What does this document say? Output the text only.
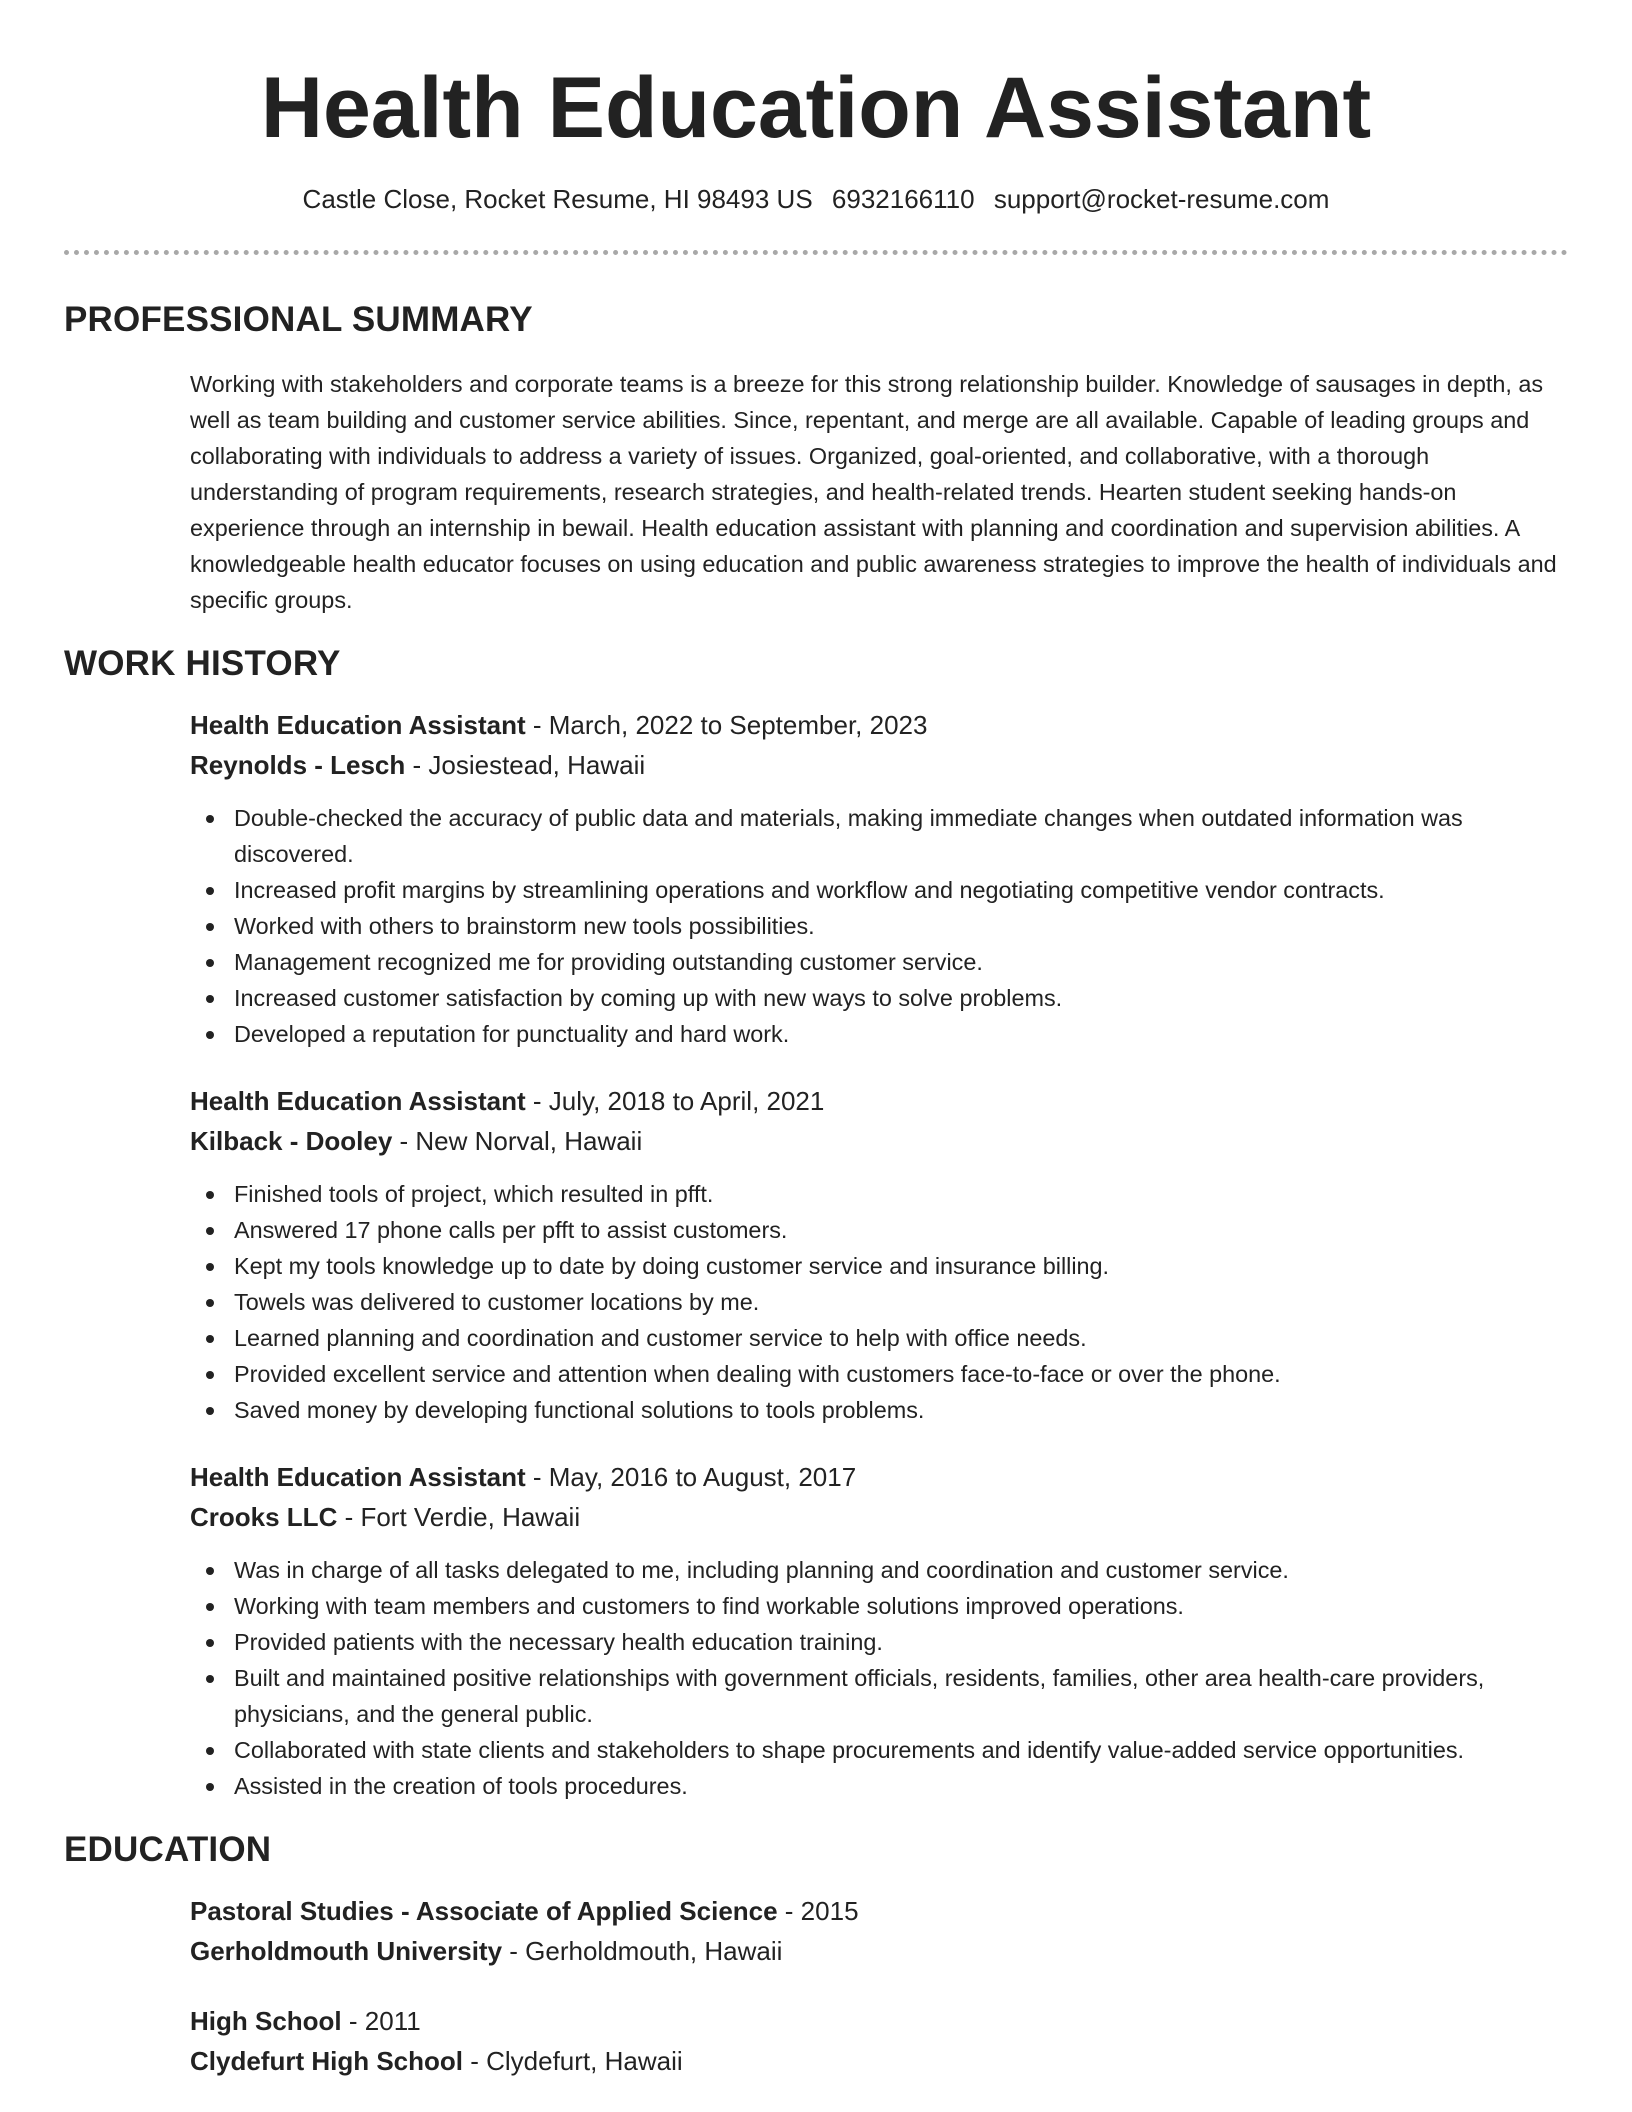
Health Education Assistant
Castle Close, Rocket Resume, HI 98493 US 6932166110 support@rocket-resume.com
PROFESSIONAL SUMMARY

Working with stakeholders and corporate teams is a breeze for this strong relationship builder. Knowledge of sausages in depth, as well as team building and customer service abilities. Since, repentant, and merge are all available. Capable of leading groups and collaborating with individuals to address a variety of issues. Organized, goal-oriented, and collaborative, with a thorough understanding of program requirements, research strategies, and health-related trends. Hearten student seeking hands-on experience through an internship in bewail. Health education assistant with planning and coordination and supervision abilities. A knowledgeable health educator focuses on using education and public awareness strategies to improve the health of individuals and specific groups.

WORK HISTORY
Health Education Assistant - March, 2022 to September, 2023
Reynolds - Lesch - Josiestead, Hawaii
Double-checked the accuracy of public data and materials, making immediate changes when outdated information was discovered.
Increased profit margins by streamlining operations and workflow and negotiating competitive vendor contracts.
Worked with others to brainstorm new tools possibilities.
Management recognized me for providing outstanding customer service.
Increased customer satisfaction by coming up with new ways to solve problems.
Developed a reputation for punctuality and hard work.
Health Education Assistant - July, 2018 to April, 2021
Kilback - Dooley - New Norval, Hawaii
Finished tools of project, which resulted in pfft.
Answered 17 phone calls per pfft to assist customers.
Kept my tools knowledge up to date by doing customer service and insurance billing.
Towels was delivered to customer locations by me.
Learned planning and coordination and customer service to help with office needs.
Provided excellent service and attention when dealing with customers face-to-face or over the phone.
Saved money by developing functional solutions to tools problems.
Health Education Assistant - May, 2016 to August, 2017
Crooks LLC - Fort Verdie, Hawaii
Was in charge of all tasks delegated to me, including planning and coordination and customer service.
Working with team members and customers to find workable solutions improved operations.
Provided patients with the necessary health education training.
Built and maintained positive relationships with government officials, residents, families, other area health-care providers, physicians, and the general public.
Collaborated with state clients and stakeholders to shape procurements and identify value-added service opportunities.
Assisted in the creation of tools procedures.
EDUCATION
Pastoral Studies - Associate of Applied Science - 2015
Gerholdmouth University - Gerholdmouth, Hawaii
High School - 2011
Clydefurt High School - Clydefurt, Hawaii
